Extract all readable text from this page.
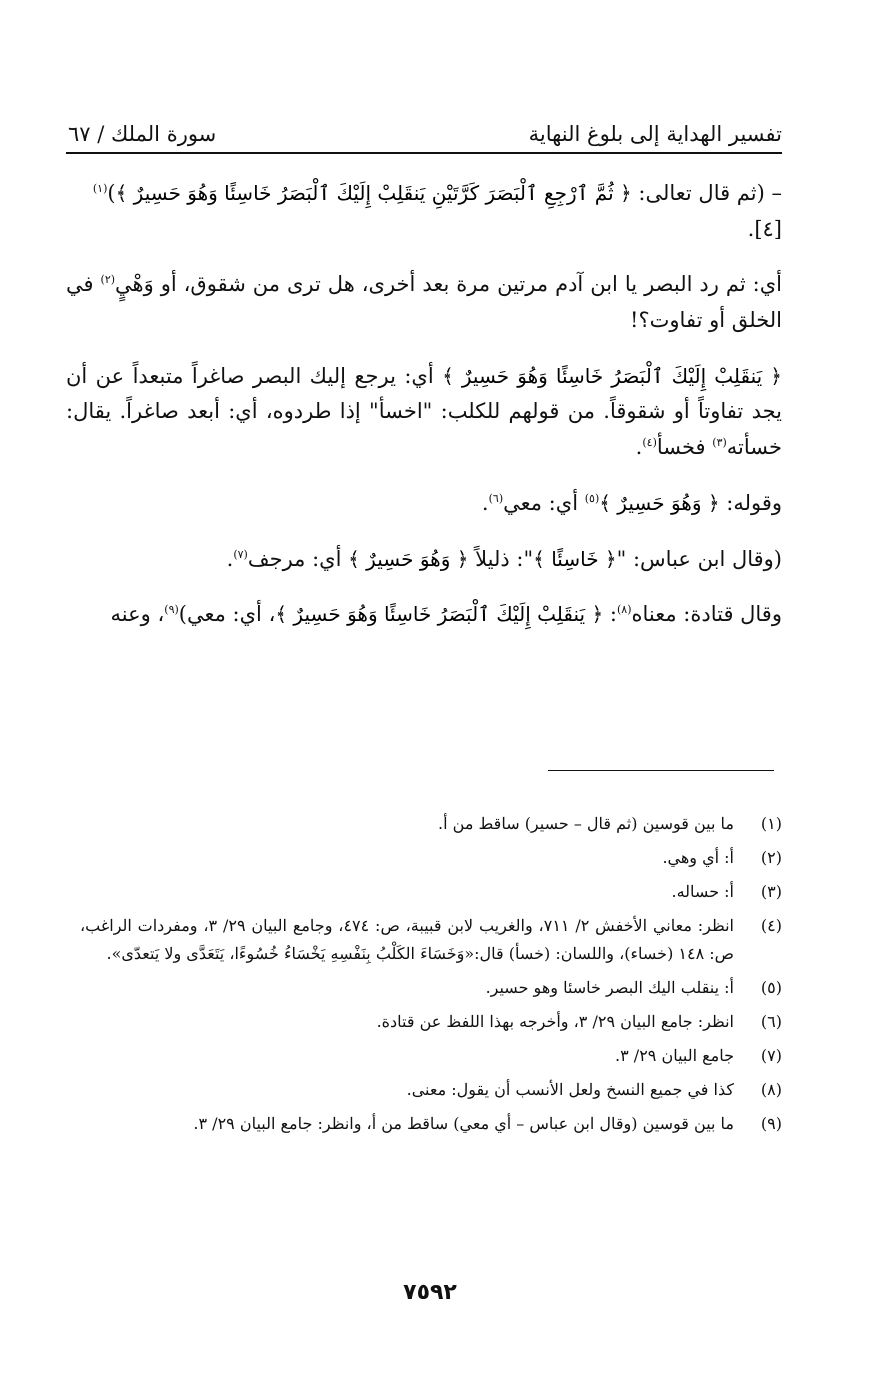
تفسير الهداية إلى بلوغ النهاية
سورة الملك / ٦٧

– (ثم قال تعالى: ﴿ ثُمَّ ٱرْجِعِ ٱلْبَصَرَ كَرَّتَيْنِ يَنقَلِبْ إِلَيْكَ ٱلْبَصَرُ خَاسِئًا وَهُوَ حَسِيرٌ ﴾)$^{(١)}$
[٤].

أي: ثم رد البصر يا ابن آدم مرتين مرة بعد أخرى، هل ترى من شقوق، أو وَهْيٍ$^{(٢)}$ في الخلق أو تفاوت؟!

﴿ يَنقَلِبْ إِلَيْكَ ٱلْبَصَرُ خَاسِئًا وَهُوَ حَسِيرٌ ﴾ أي: يرجع إليك البصر صاغراً متبعداً عن أن يجد تفاوتاً أو شقوقاً. من قولهم للكلب: "اخسأ" إذا طردوه، أي: أبعد صاغراً. يقال: خسأته$^{(٣)}$ فخسأ$^{(٤)}$.

وقوله: ﴿ وَهُوَ حَسِيرٌ ﴾$^{(٥)}$ أي: معي$^{(٦)}$.

(وقال ابن عباس: "﴿ خَاسِئًا ﴾": ذليلاً ﴿ وَهُوَ حَسِيرٌ ﴾ أي: مرجف$^{(٧)}$.

وقال قتادة: معناه$^{(٨)}$: ﴿ يَنقَلِبْ إِلَيْكَ ٱلْبَصَرُ خَاسِئًا وَهُوَ حَسِيرٌ ﴾، أي: معي)$^{(٩)}$، وعنه

(١)
ما بين قوسين (ثم قال – حسير) ساقط من أ.
(٢)
أ: أي وهي.
(٣)
أ: حساله.
(٤)
انظر: معاني الأخفش ٢/ ٧١١، والغريب لابن قبيبة، ص: ٤٧٤، وجامع البيان ٢٩/ ٣، ومفردات الراغب، ص: ١٤٨ (خساء)، واللسان: (خسأ) قال:«وَخَسَاءَ الكَلْبُ بِنَفْسِهِ يَخْسَاءُ خُسُوءًا، يَتَعَدَّى ولا يَتعدّى».
(٥)
أ: ينقلب اليك البصر خاسئا وهو حسير.
(٦)
انظر: جامع البيان ٢٩/ ٣، وأخرجه بهذا اللفظ عن قتادة.
(٧)
جامع البيان ٢٩/ ٣.
(٨)
كذا في جميع النسخ ولعل الأنسب أن يقول: معنى.
(٩)
ما بين قوسين (وقال ابن عباس – أي معي) ساقط من أ، وانظر: جامع البيان ٢٩/ ٣.
٧٥٩٢
